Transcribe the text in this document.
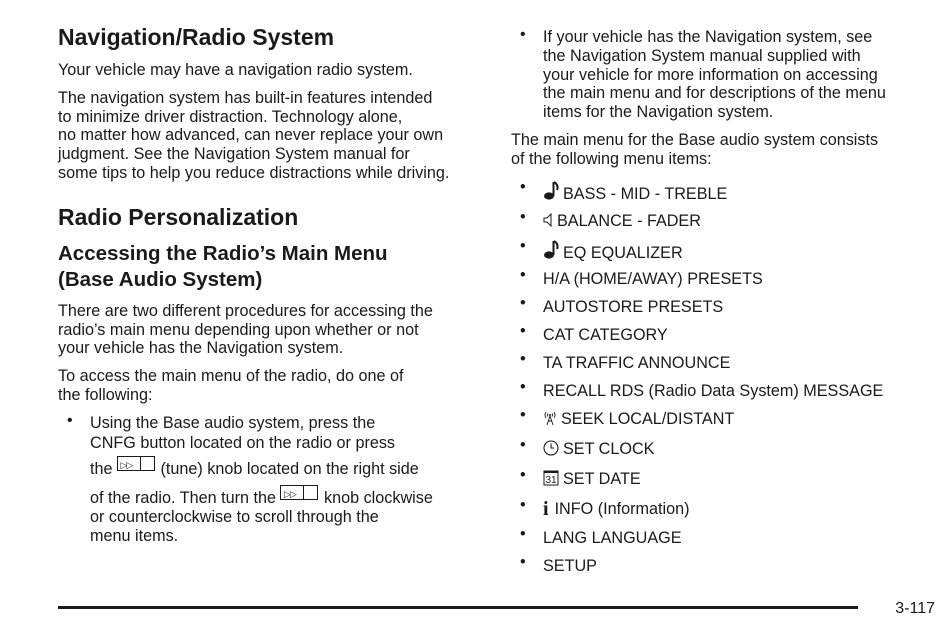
Navigation/Radio System

Your vehicle may have a navigation radio system.

The navigation system has built-in features intended
to minimize driver distraction. Technology alone,
no matter how advanced, can never replace your own
judgment. See the Navigation System manual for
some tips to help you reduce distractions while driving.

Radio Personalization
Accessing the Radio’s Main Menu
(Base Audio System)

There are two different procedures for accessing the
radio’s main menu depending upon whether or not
your vehicle has the Navigation system.

To access the main menu of the radio, do one of
the following:

• Using the Base audio system, press the
CNFG button located on the radio or press
the ▷▷ (tune) knob located on the right side
of the radio. Then turn the ▷▷ knob clockwise
or counterclockwise to scroll through the
menu items.
• If your vehicle has the Navigation system, see
the Navigation System manual supplied with
your vehicle for more information on accessing
the main menu and for descriptions of the menu
items for the Navigation system.

The main menu for the Base audio system consists
of the following menu items:

•	BASS - MID - TREBLE
•	BALANCE - FADER
•	EQ EQUALIZER
• H/A (HOME/AWAY) PRESETS
• AUTOSTORE PRESETS
• CAT CATEGORY
• TA TRAFFIC ANNOUNCE
• RECALL RDS (Radio Data System) MESSAGE
•	SEEK LOCAL/DISTANT
•	SET CLOCK
• 31 SET DATE
• i INFO (Information)
• LANG LANGUAGE
• SETUP
3-117
